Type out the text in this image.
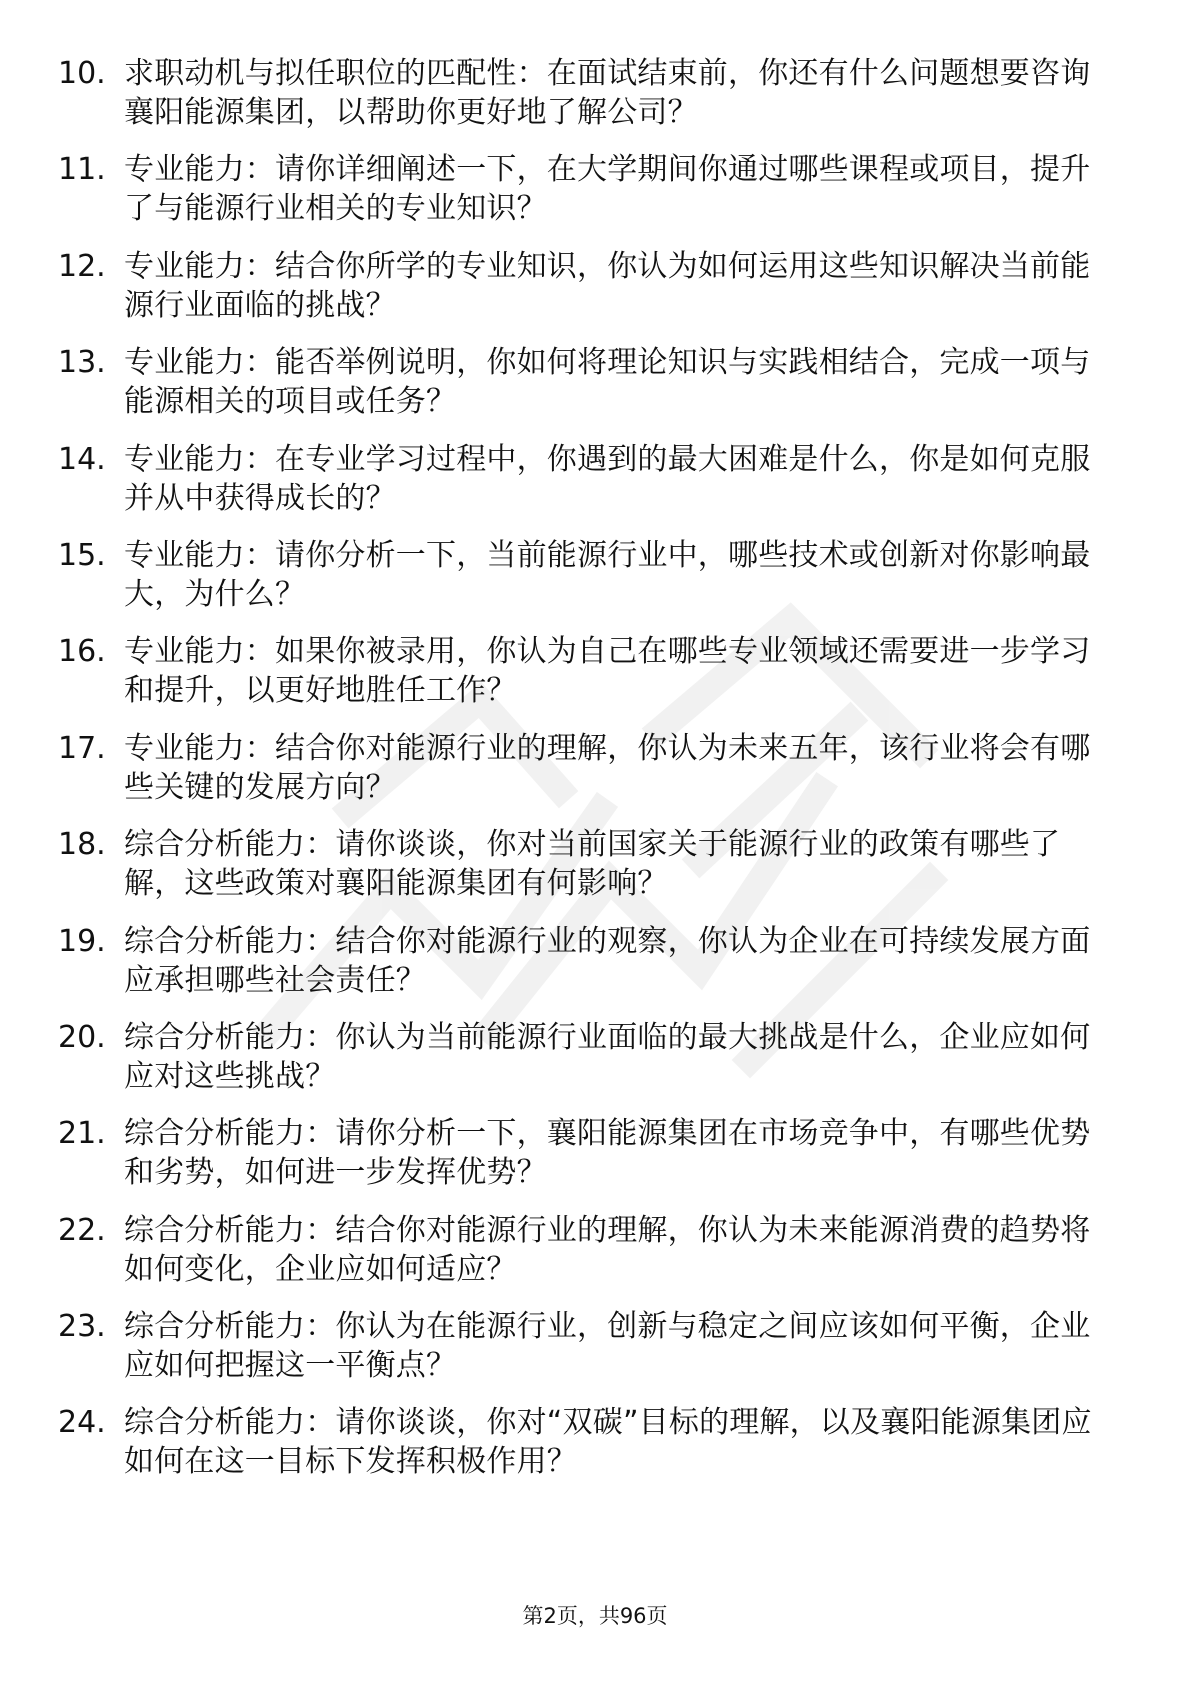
10. 求职动机与拟任职位的匹配性：在面试结束前，你还有什么问题想要咨询襄阳能源集团，以帮助你更好地了解公司？
11. 专业能力：请你详细阐述一下，在大学期间你通过哪些课程或项目，提升了与能源行业相关的专业知识？
12. 专业能力：结合你所学的专业知识，你认为如何运用这些知识解决当前能源行业面临的挑战？
13. 专业能力：能否举例说明，你如何将理论知识与实践相结合，完成一项与能源相关的项目或任务？
14. 专业能力：在专业学习过程中，你遇到的最大困难是什么，你是如何克服并从中获得成长的？
15. 专业能力：请你分析一下，当前能源行业中，哪些技术或创新对你影响最大，为什么？
16. 专业能力：如果你被录用，你认为自己在哪些专业领域还需要进一步学习和提升，以更好地胜任工作？
17. 专业能力：结合你对能源行业的理解，你认为未来五年，该行业将会有哪些关键的发展方向？
18. 综合分析能力：请你谈谈，你对当前国家关于能源行业的政策有哪些了解，这些政策对襄阳能源集团有何影响？
19. 综合分析能力：结合你对能源行业的观察，你认为企业在可持续发展方面应承担哪些社会责任？
20. 综合分析能力：你认为当前能源行业面临的最大挑战是什么，企业应如何应对这些挑战？
21. 综合分析能力：请你分析一下，襄阳能源集团在市场竞争中，有哪些优势和劣势，如何进一步发挥优势？
22. 综合分析能力：结合你对能源行业的理解，你认为未来能源消费的趋势将如何变化，企业应如何适应？
23. 综合分析能力：你认为在能源行业，创新与稳定之间应该如何平衡，企业应如何把握这一平衡点？
24. 综合分析能力：请你谈谈，你对“双碳”目标的理解，以及襄阳能源集团应如何在这一目标下发挥积极作用？
第2页，共96页
